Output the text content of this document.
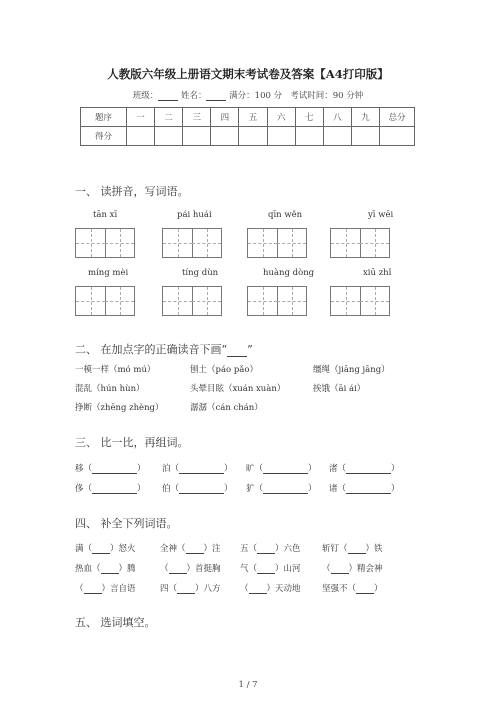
人教版六年级上册语文期末考试卷及答案【A4打印版】
班级：	姓名：	满分：100 分 考试时间：90 分钟
题序	一	二	三	四	五	六	七	八	九	总分
得分										
一、 读拼音，写词语。
tān xī	pái huái	qīn wěn	yī wēi
míng mèi	tíng dùn	huàng dòng	xiū zhǐ
二、 在加点字的正确读音下画“ ”
一模一样（mó mú）	刨土（páo pǎo）	缰绳（jiāng jāng）
混乱（hún hùn）	头晕目眩（xuán xuàn）	挨饿（āi ái）
挣断（zhēng zhèng）	潺潺（cán chán）
三、 比一比，再组词。
移（	） 泊（	） 旷（	） 渚（	）
侈（	） 伯（	） 犷（	） 诸（	）
四、 补全下列词语。
满（ ）怒火	全神（ ）注 五（ ）六色	斩钉（ ）铁
热血（ ）腾	（ ）首挺胸 气（ ）山河	（ ）精会神
（ ）言自语	四（ ）八方 （ ）天动地	坚强不（ ）
五、 选词填空。
1 / 7
